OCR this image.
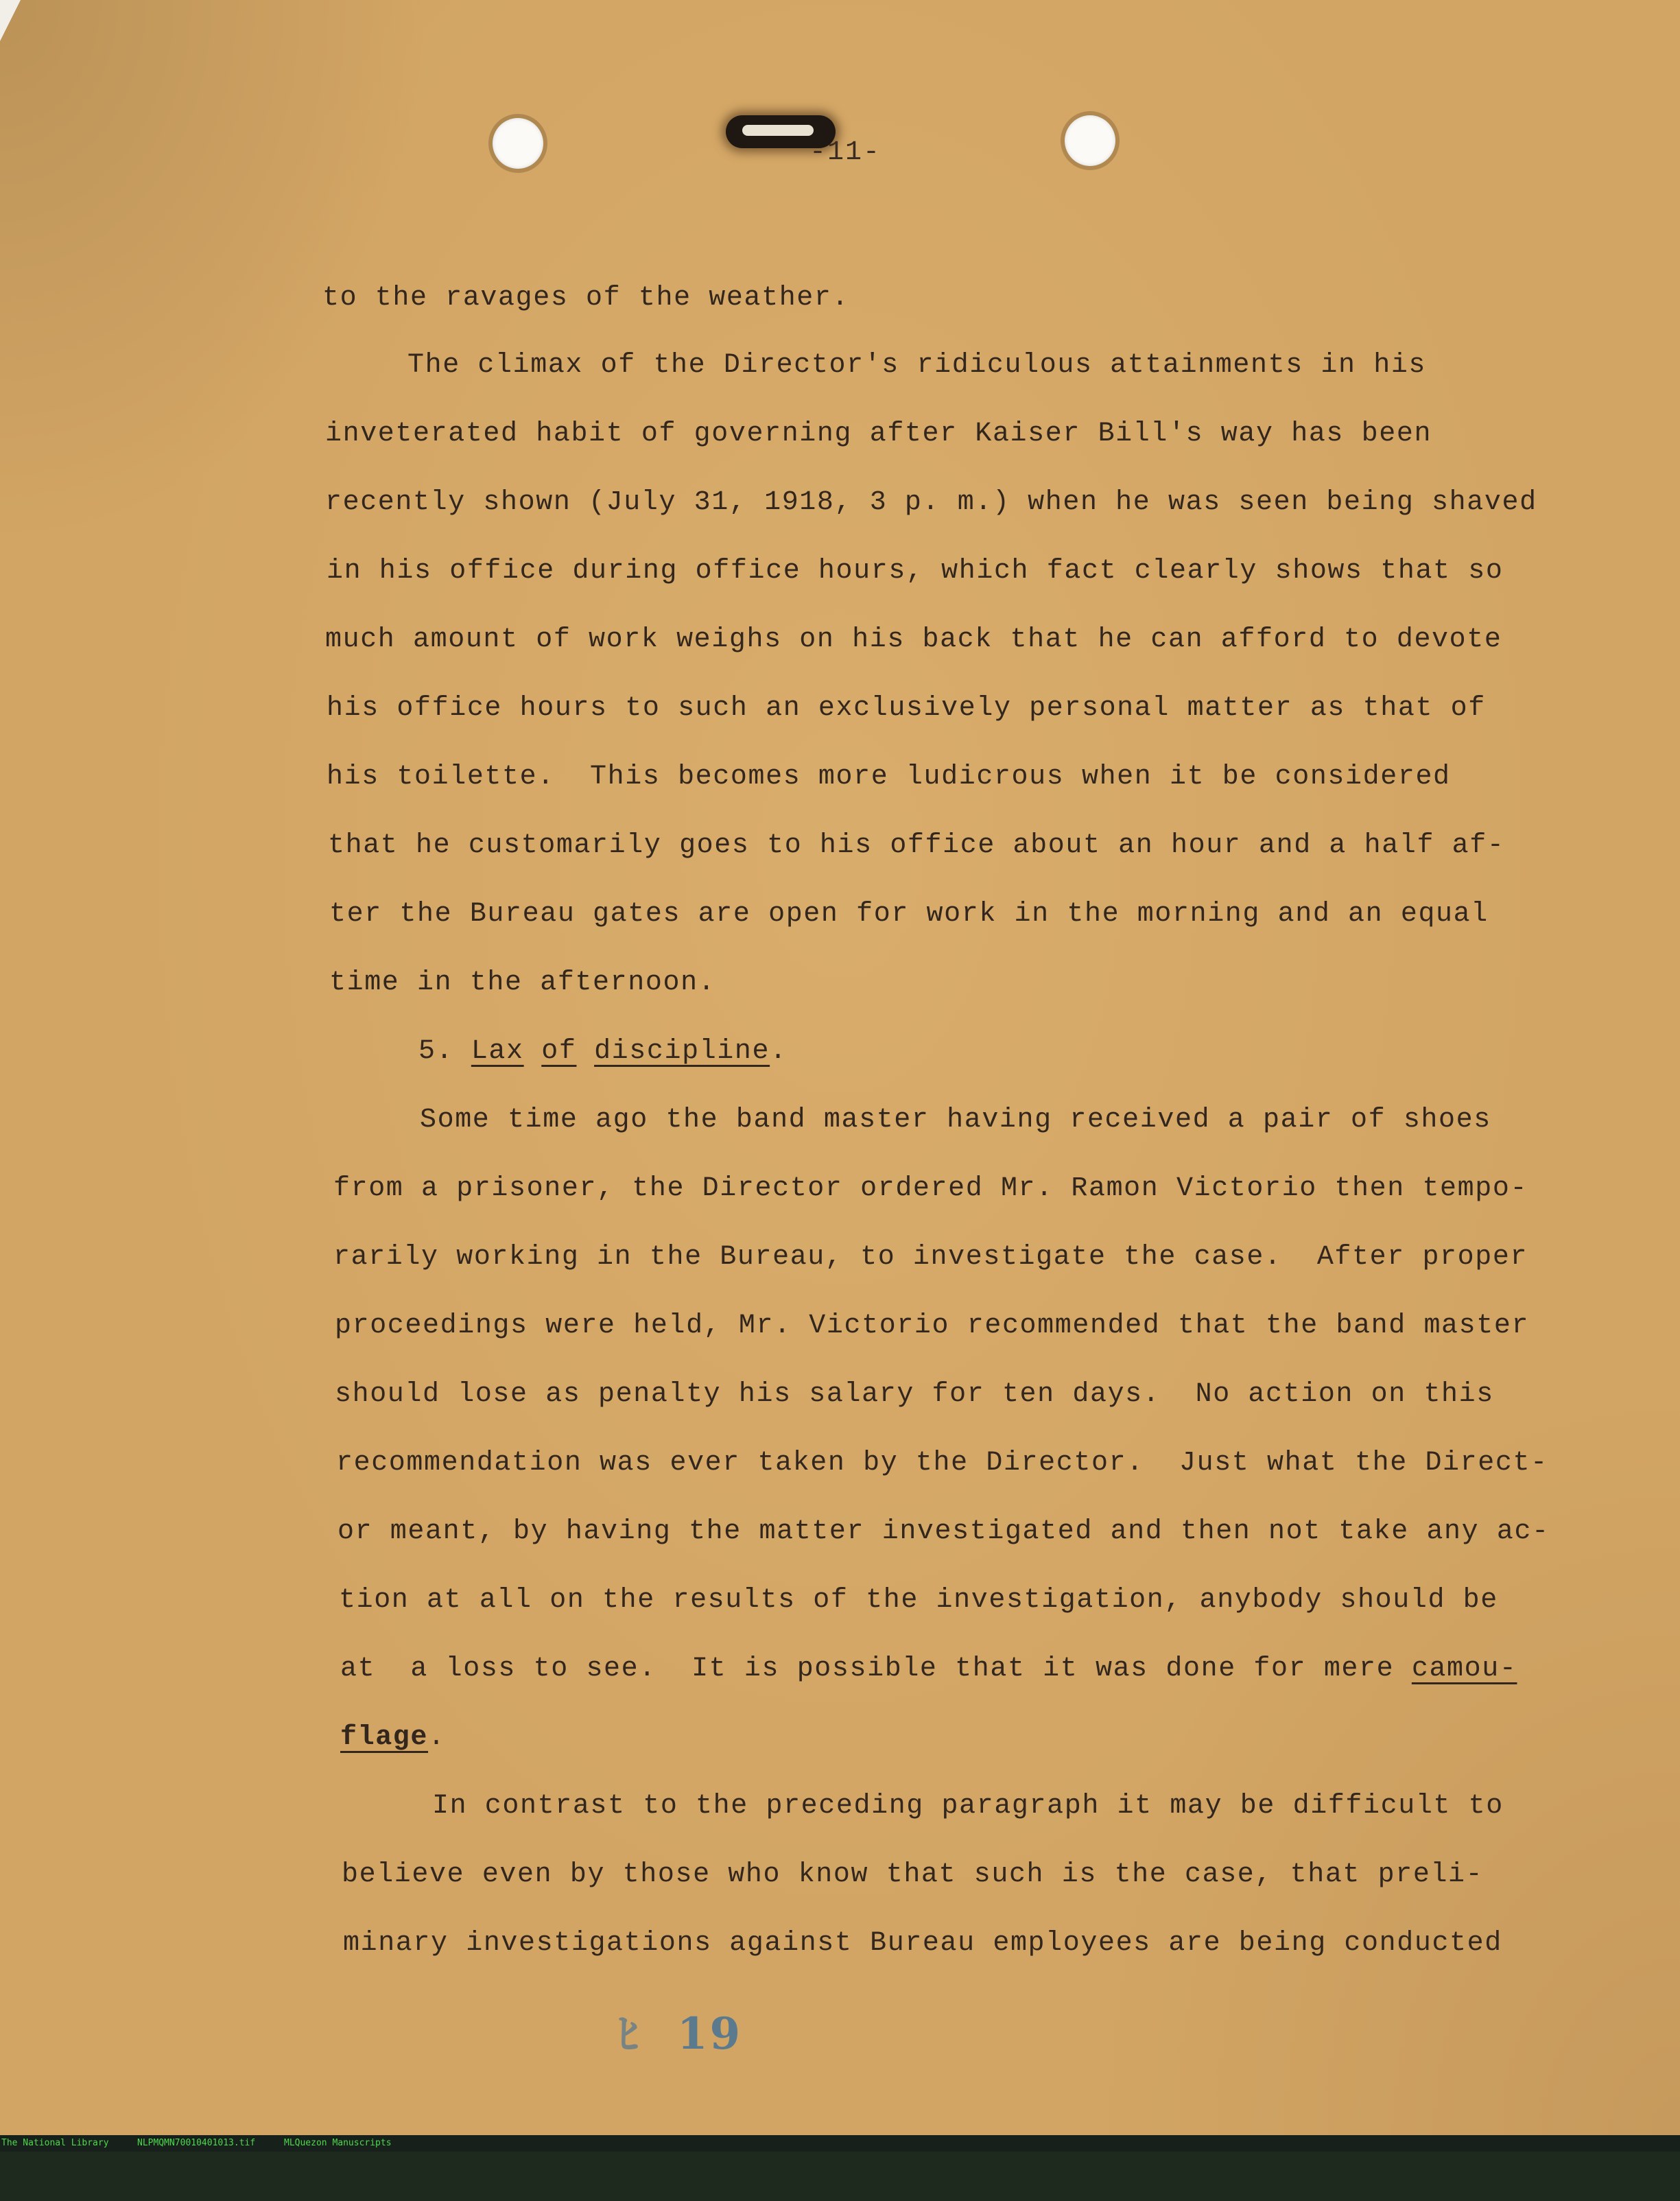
-11-
to the ravages of the weather.
The climax of the Director's ridiculous attainments in his
inveterated habit of governing after Kaiser Bill's way has been
recently shown (July 31, 1918, 3 p. m.) when he was seen being shaved
in his office during office hours, which fact clearly shows that so
much amount of work weighs on his back that he can afford to devote
his office hours to such an exclusively personal matter as that of
his toilette.  This becomes more ludicrous when it be considered
that he customarily goes to his office about an hour and a half af-
ter the Bureau gates are open for work in the morning and an equal
time in the afternoon.
5. Lax of discipline.
Some time ago the band master having received a pair of shoes
from a prisoner, the Director ordered Mr. Ramon Victorio then tempo-
rarily working in the Bureau, to investigate the case.  After proper
proceedings were held, Mr. Victorio recommended that the band master
should lose as penalty his salary for ten days.  No action on this
recommendation was ever taken by the Director.  Just what the Direct-
or meant, by having the matter investigated and then not take any ac-
tion at all on the results of the investigation, anybody should be
at  a loss to see.  It is possible that it was done for mere camou-
flage.
In contrast to the preceding paragraph it may be difficult to
believe even by those who know that such is the case, that preli-
minary investigations against Bureau employees are being conducted
ﾋ 19

The National Library

	NLPMQMN70010401013.tif

	MLQuezon Manuscripts
